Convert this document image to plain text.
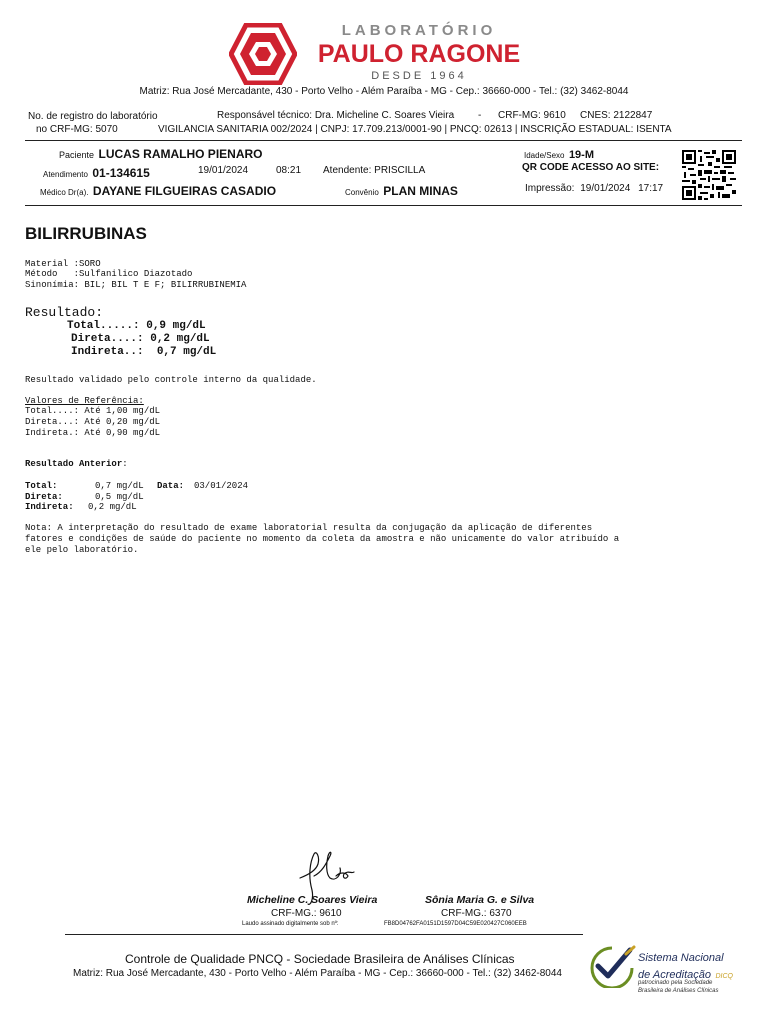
LABORATÓRIO
PAULO RAGONE
DESDE 1964
Matriz: Rua José Mercadante, 430 - Porto Velho - Além Paraíba - MG - Cep.: 36660-000 - Tel.: (32) 3462-8044
No. de registro do laboratório
no CRF-MG: 5070
Responsável técnico: Dra. Micheline C. Soares Vieira - CRF-MG: 9610 CNES: 2122847
VIGILANCIA SANITARIA 002/2024 | CNPJ: 17.709.213/0001-90 | PNCQ: 02613 | INSCRIÇÃO ESTADUAL: ISENTA
Paciente LUCAS RAMALHO PIENARO	Idade/Sexo 19-M
Atendimento 01-134615	19/01/2024	08:21 Atendente: PRISCILLA	QR CODE ACESSO AO SITE:
Médico Dr(a). DAYANE FILGUEIRAS CASADIO	Convênio PLAN MINAS	Impressão: 19/01/2024 17:17
BILIRRUBINAS
Material :SORO
Método   :Sulfanilico Diazotado
Sinonímia: BIL; BIL T E F; BILIRRUBINEMIA
Resultado:
Total.....: 0,9 mg/dL
Direta....: 0,2 mg/dL
Indireta..:  0,7 mg/dL
Resultado validado pelo controle interno da qualidade.
Valores de Referência:
Total....: Até 1,00 mg/dL
Direta...: Até 0,20 mg/dL
Indireta.: Até 0,90 mg/dL
Resultado Anterior:
Total:	0,7 mg/dL Data: 03/01/2024
Direta:	0,5 mg/dL
Indireta: 0,2 mg/dL
Nota: A interpretação do resultado de exame laboratorial resulta da conjugação da aplicação de diferentes
fatores e condições de saúde do paciente no momento da coleta da amostra e não unicamente do valor atribuído a
ele pelo laboratório.
Micheline C. Soares Vieira
CRF-MG.: 9610
Sônia Maria G. e Silva
CRF-MG.: 6370
Laudo assinado digitalmente sob nº:	FB8D04762FA0151D1597D04C59E020427C060EEB
Controle de Qualidade PNCQ - Sociedade Brasileira de Análises Clínicas
Matriz: Rua José Mercadante, 430 - Porto Velho - Além Paraíba - MG - Cep.: 36660-000 - Tel.: (32) 3462-8044
Sistema Nacional
de Acreditação DICQ
patrocinado pela Sociedade
Brasileira de Análises Clínicas
